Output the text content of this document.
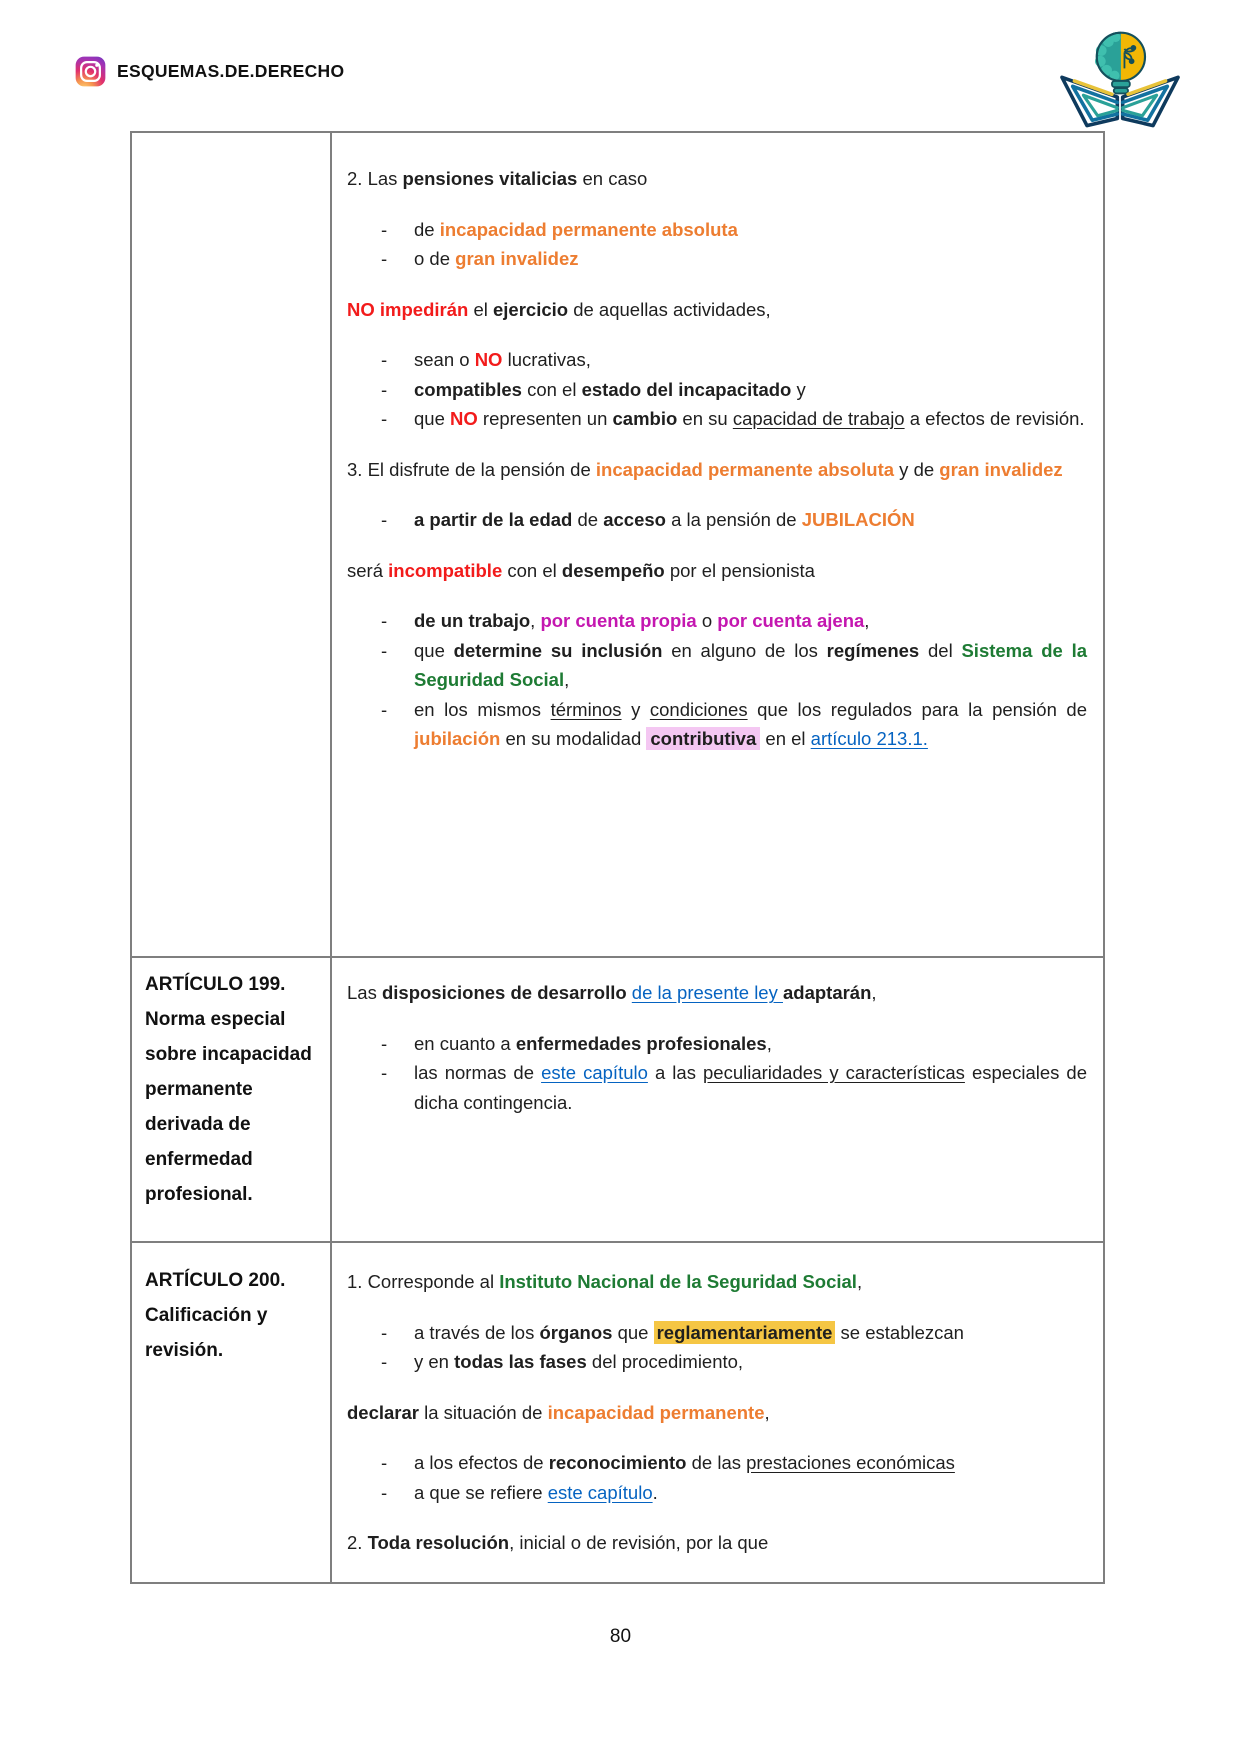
ESQUEMAS.DE.DERECHO

2. Las pensiones vitalicias en caso

- de incapacidad permanente absoluta
- o de gran invalidez

NO impedirán el ejercicio de aquellas actividades,

- sean o NO lucrativas,
- compatibles con el estado del incapacitado y
- que NO representen un cambio en su capacidad de trabajo a efectos de revisión.

3. El disfrute de la pensión de incapacidad permanente absoluta y de gran invalidez

- a partir de la edad de acceso a la pensión de JUBILACIÓN

será incompatible con el desempeño por el pensionista

- de un trabajo, por cuenta propia o por cuenta ajena,
- que determine su inclusión en alguno de los regímenes del Sistema de la Seguridad Social,
- en los mismos términos y condiciones que los regulados para la pensión de jubilación en su modalidad contributiva en el artículo 213.1.

ARTÍCULO 199. Norma especial sobre incapacidad permanente derivada de enfermedad profesional.

Las disposiciones de desarrollo de la presente ley adaptarán,

- en cuanto a enfermedades profesionales,
- las normas de este capítulo a las peculiaridades y características especiales de dicha contingencia.

ARTÍCULO 200. Calificación y revisión.

1. Corresponde al Instituto Nacional de la Seguridad Social,

- a través de los órganos que reglamentariamente se establezcan
- y en todas las fases del procedimiento,

declarar la situación de incapacidad permanente,

- a los efectos de reconocimiento de las prestaciones económicas
- a que se refiere este capítulo.

2. Toda resolución, inicial o de revisión, por la que

80
